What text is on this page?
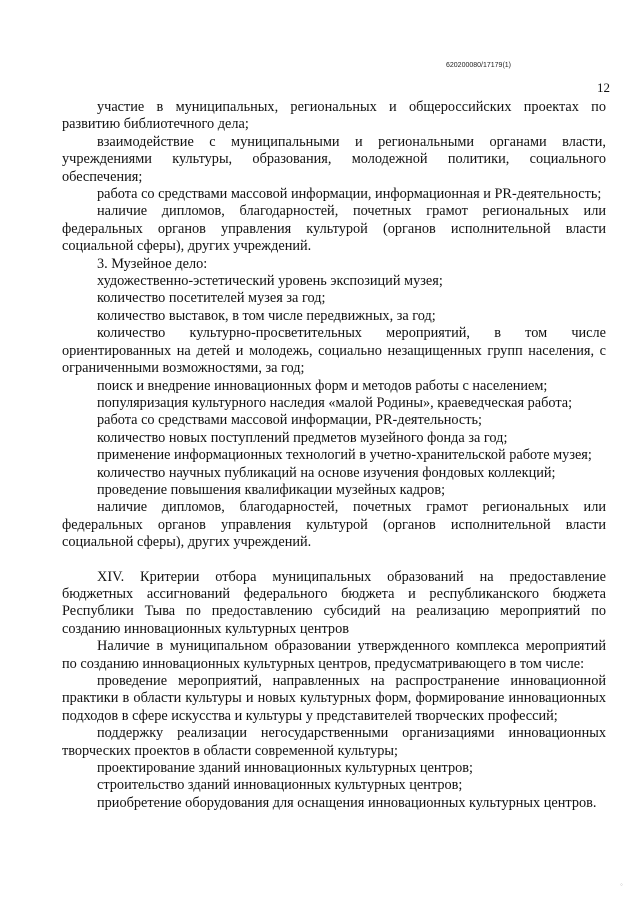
620200080/17179(1)
12

участие в муниципальных, региональных и общероссийских проектах по развитию библиотечного дела;

взаимодействие с муниципальными и региональными органами власти, учреждениями культуры, образования, молодежной политики, социального обеспечения;

работа со средствами массовой информации, информационная и PR-деятельность;

наличие дипломов, благодарностей, почетных грамот региональных или федеральных органов управления культурой (органов исполнительной власти социальной сферы), других учреждений.

3. Музейное дело:

художественно-эстетический уровень экспозиций музея;

количество посетителей музея за год;

количество выставок, в том числе передвижных, за год;

количество культурно-просветительных мероприятий, в том числе ориентированных на детей и молодежь, социально незащищенных групп населения, с ограниченными возможностями, за год;

поиск и внедрение инновационных форм и методов работы с населением;

популяризация культурного наследия «малой Родины», краеведческая работа;

работа со средствами массовой информации, PR-деятельность;

количество новых поступлений предметов музейного фонда за год;

применение информационных технологий в учетно-хранительской работе музея;

количество научных публикаций на основе изучения фондовых коллекций;

проведение повышения квалификации музейных кадров;

наличие дипломов, благодарностей, почетных грамот региональных или федеральных органов управления культурой (органов исполнительной власти социальной сферы), других учреждений.

XIV. Критерии отбора муниципальных образований на предоставление бюджетных ассигнований федерального бюджета и республиканского бюджета Республики Тыва по предоставлению субсидий на реализацию мероприятий по созданию инновационных культурных центров

Наличие в муниципальном образовании утвержденного комплекса мероприятий по созданию инновационных культурных центров, предусматривающего в том числе:

проведение мероприятий, направленных на распространение инновационной практики в области культуры и новых культурных форм, формирование инновационных подходов в сфере искусства и культуры у представителей творческих профессий;

поддержку реализации негосударственными организациями инновационных творческих проектов в области современной культуры;

проектирование зданий инновационных культурных центров;

строительство зданий инновационных культурных центров;

приобретение оборудования для оснащения инновационных культурных центров.

◦
